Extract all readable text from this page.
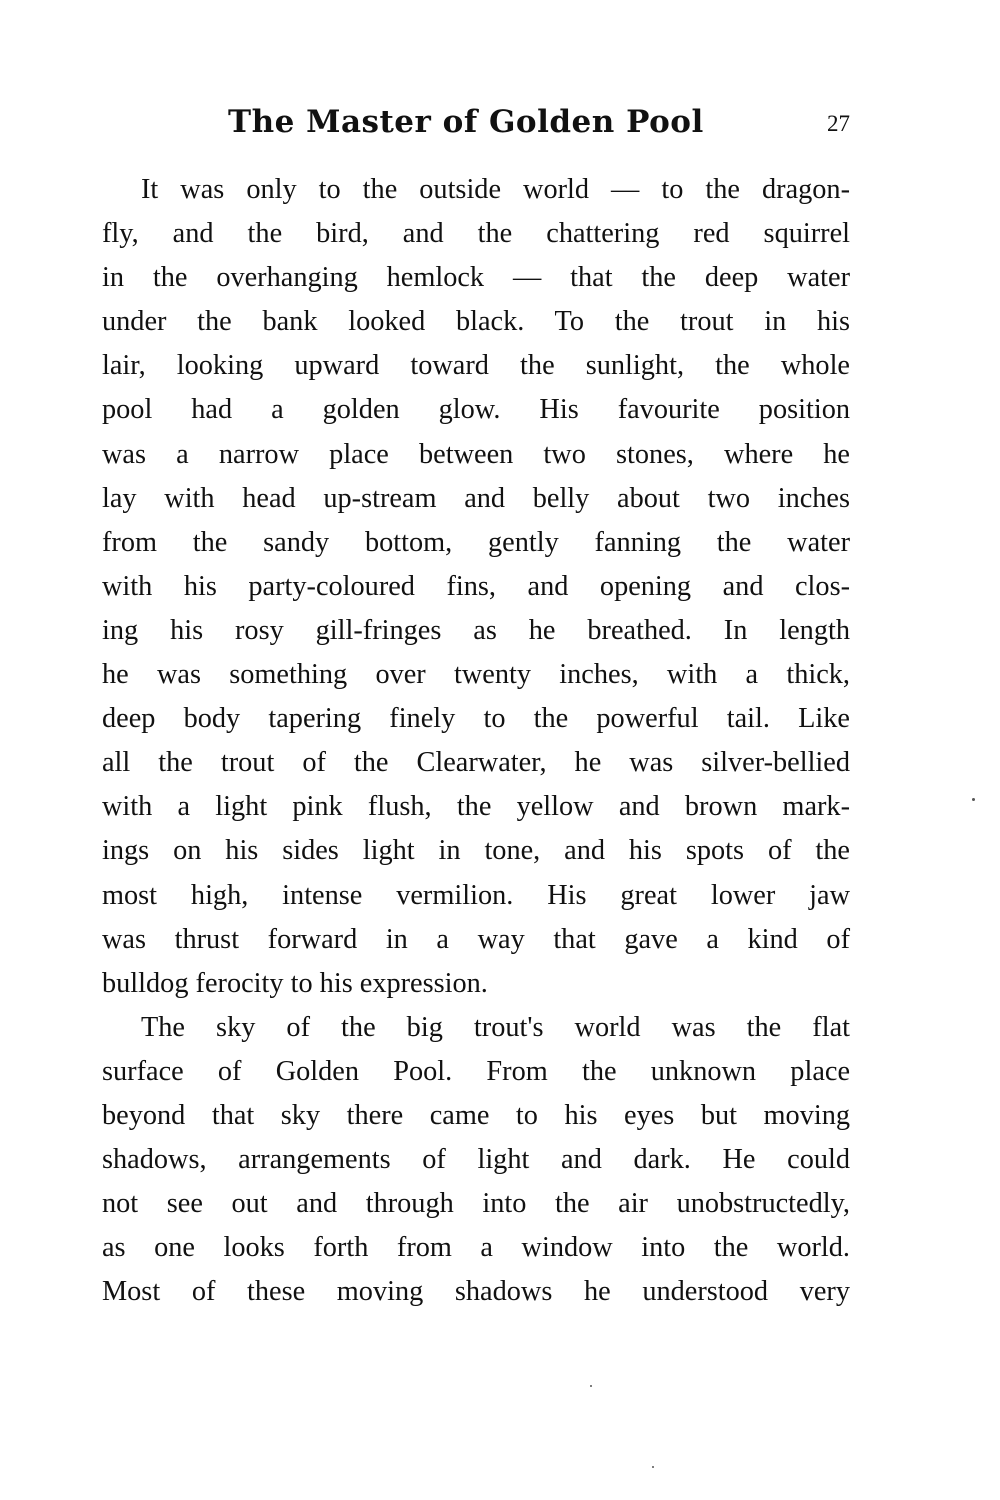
The Master of Golden Pool	27
It was only to the outside world — to the dragon-
fly, and the bird, and the chattering red squirrel
in the overhanging hemlock — that the deep water
under the bank looked black. To the trout in his
lair, looking upward toward the sunlight, the whole
pool had a golden glow. His favourite position
was a narrow place between two stones, where he
lay with head up-stream and belly about two inches
from the sandy bottom, gently fanning the water
with his party-coloured fins, and opening and clos-
ing his rosy gill-fringes as he breathed. In length
he was something over twenty inches, with a thick,
deep body tapering finely to the powerful tail. Like
all the trout of the Clearwater, he was silver-bellied
with a light pink flush, the yellow and brown mark-
ings on his sides light in tone, and his spots of the
most high, intense vermilion. His great lower jaw
was thrust forward in a way that gave a kind of
bulldog ferocity to his expression.
The sky of the big trout's world was the flat
surface of Golden Pool. From the unknown place
beyond that sky there came to his eyes but moving
shadows, arrangements of light and dark. He could
not see out and through into the air unobstructedly,
as one looks forth from a window into the world.
Most of these moving shadows he understood very
